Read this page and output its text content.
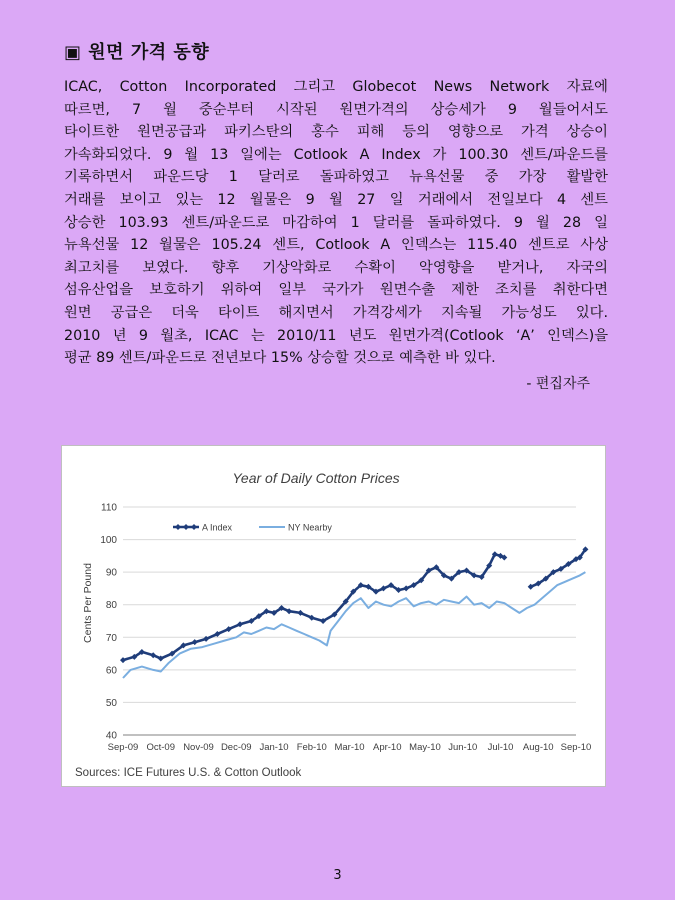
▣ 원면 가격 동향
ICAC, Cotton Incorporated 그리고 Globecot News Network 자료에
따르면, 7 월 중순부터 시작된 원면가격의 상승세가 9 월들어서도
타이트한 원면공급과 파키스탄의 홍수 피해 등의 영향으로 가격 상승이
가속화되었다. 9 월 13 일에는 Cotlook A Index 가 100.30 센트/파운드를
기록하면서 파운드당 1 달러로 돌파하였고 뉴욕선물 중 가장 활발한
거래를 보이고 있는 12 월물은 9 월 27 일 거래에서 전일보다 4 센트
상승한 103.93 센트/파운드로 마감하여 1 달러를 돌파하였다. 9 월 28 일
뉴욕선물 12 월물은 105.24 센트, Cotlook A 인덱스는 115.40 센트로 사상
최고치를 보였다. 향후 기상악화로 수확이 악영향을 받거나, 자국의
섬유산업을 보호하기 위하여 일부 국가가 원면수출 제한 조치를 취한다면
원면 공급은 더욱 타이트 해지면서 가격강세가 지속될 가능성도 있다.
2010 년 9 월초, ICAC 는 2010/11 년도 원면가격(Cotlook ‘A’ 인덱스)을
평균 89 센트/파운드로 전년보다 15% 상승할 것으로 예측한 바 있다.
- 편집자주
Year of Daily Cotton Prices
Cents Per Pound
Sources: ICE Futures U.S. & Cotton Outlook
40
50
60
70
80
90
100
110
Sep-09 Oct-09 Nov-09 Dec-09 Jan-10 Feb-10 Mar-10 Apr-10 May-10 Jun-10 Jul-10 Aug-10 Sep-10
A Index	NY Nearby
3
